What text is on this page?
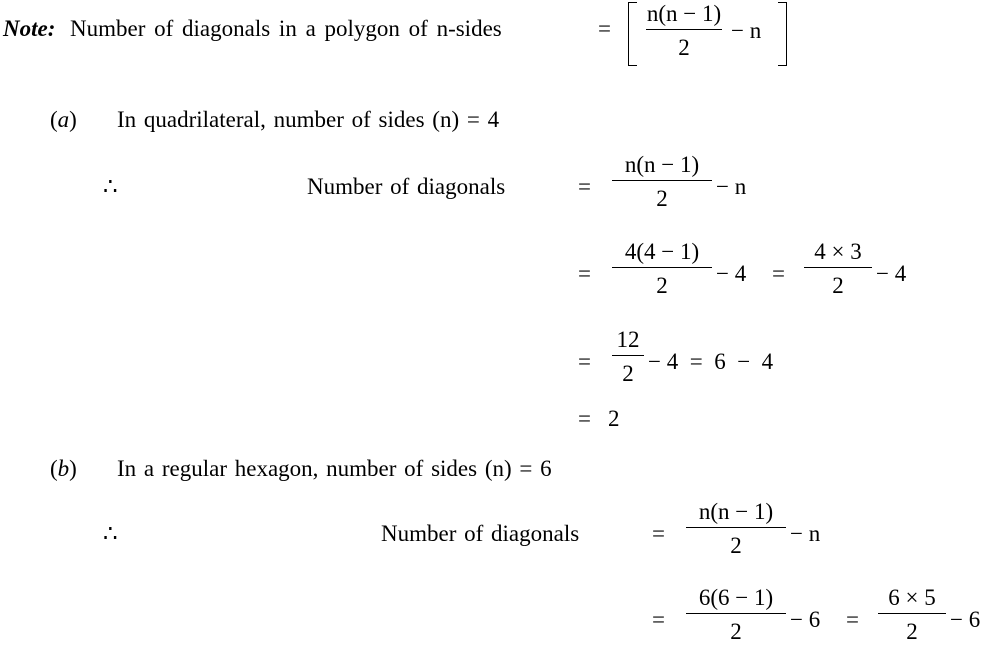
Note: Number of diagonals in a polygon of n-sides	=
n(n − 1)
2
− n
(a) In quadrilateral, number of sides (n) = 4
∴	Number of diagonals	=
n(n − 1)
2	− n
=
4(4 − 1)
2	− 4 =
4 × 3
2	− 4
=
12
2 − 4  =  6  −  4
= 2
(b) In a regular hexagon, number of sides (n) = 6
∴	Number of diagonals	=
n(n − 1)
2	− n
=
6(6 − 1)
2	− 6 =
6 × 5
2	− 6
